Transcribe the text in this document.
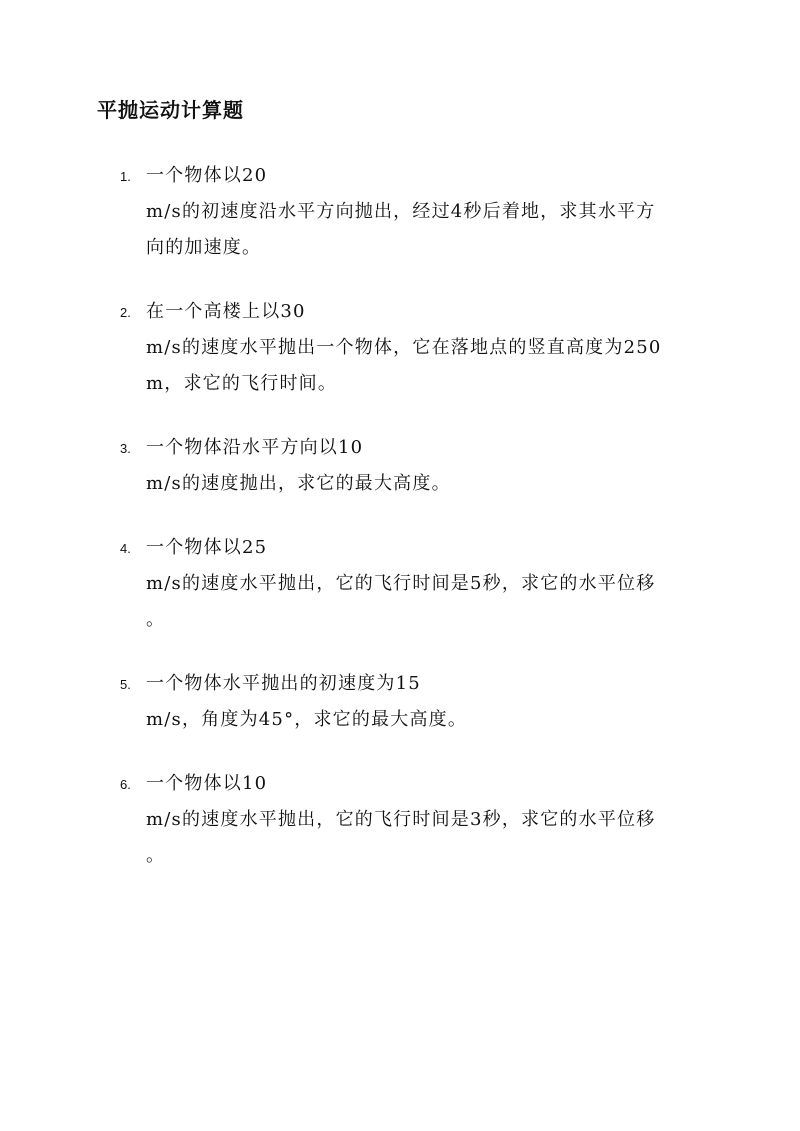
平抛运动计算题
1. 一个物体以20
m/s的初速度沿水平方向抛出，经过4秒后着地，求其水平方
向的加速度。
2. 在一个高楼上以30
m/s的速度水平抛出一个物体，它在落地点的竖直高度为250
m，求它的飞行时间。
3. 一个物体沿水平方向以10
m/s的速度抛出，求它的最大高度。
4. 一个物体以25
m/s的速度水平抛出，它的飞行时间是5秒，求它的水平位移
。
5. 一个物体水平抛出的初速度为15
m/s，角度为45°，求它的最大高度。
6. 一个物体以10
m/s的速度水平抛出，它的飞行时间是3秒，求它的水平位移
。
